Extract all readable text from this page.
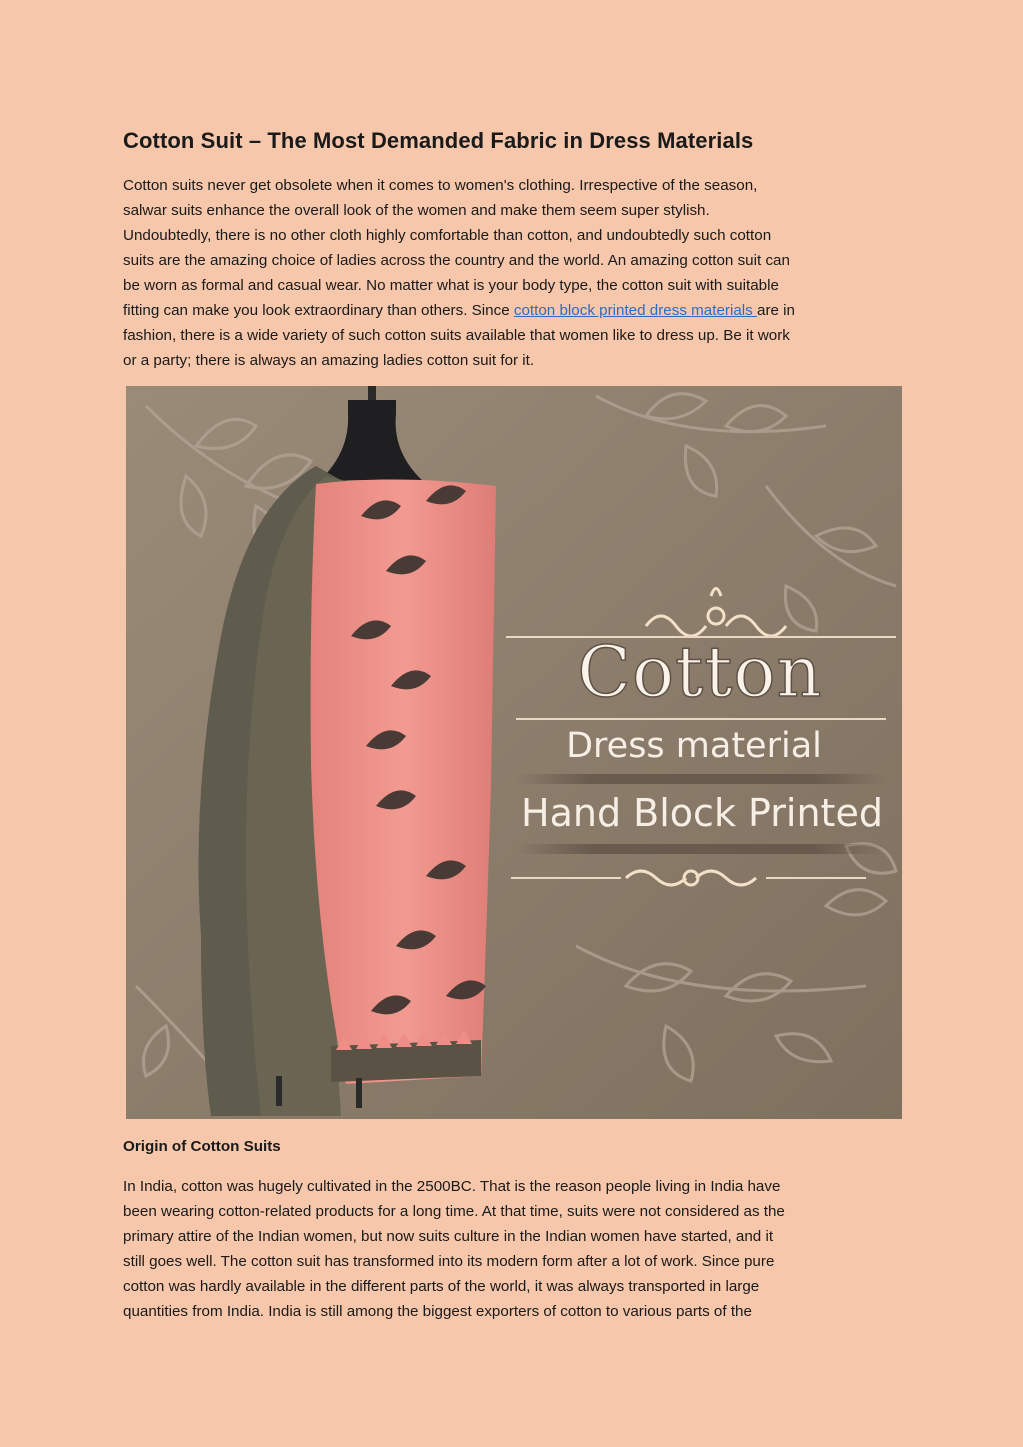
Cotton Suit – The Most Demanded Fabric in Dress Materials

Cotton suits never get obsolete when it comes to women's clothing. Irrespective of the season,
salwar suits enhance the overall look of the women and make them seem super stylish.
Undoubtedly, there is no other cloth highly comfortable than cotton, and undoubtedly such cotton
suits are the amazing choice of ladies across the country and the world. An amazing cotton suit can
be worn as formal and casual wear. No matter what is your body type, the cotton suit with suitable
fitting can make you look extraordinary than others. Since cotton block printed dress materials are in
fashion, there is a wide variety of such cotton suits available that women like to dress up. Be it work
or a party; there is always an amazing ladies cotton suit for it.

Cotton
Dress material
Hand Block Printed
Origin of Cotton Suits

In India, cotton was hugely cultivated in the 2500BC. That is the reason people living in India have
been wearing cotton-related products for a long time. At that time, suits were not considered as the
primary attire of the Indian women, but now suits culture in the Indian women have started, and it
still goes well. The cotton suit has transformed into its modern form after a lot of work. Since pure
cotton was hardly available in the different parts of the world, it was always transported in large
quantities from India. India is still among the biggest exporters of cotton to various parts of the
